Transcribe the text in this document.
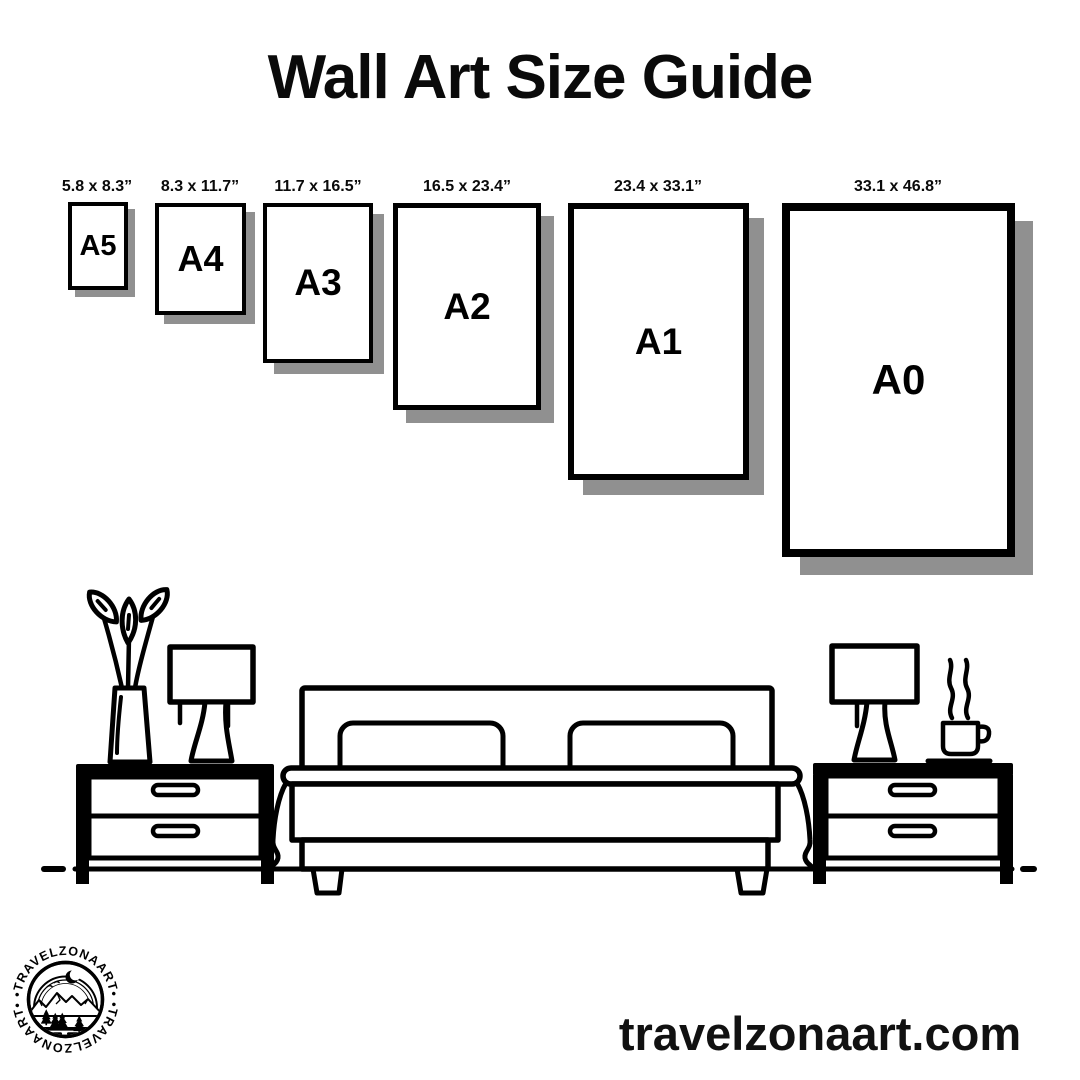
Wall Art Size Guide
5.8 x 8.3” 8.3 x 11.7” 11.7 x 16.5”	16.5 x 23.4”	23.4 x 33.1”	33.1 x 46.8”
A5 A4
A3
A2
A1
A0
•TRAVELZONAART•
•TRAVELZONAART•
travelzonaart.com
